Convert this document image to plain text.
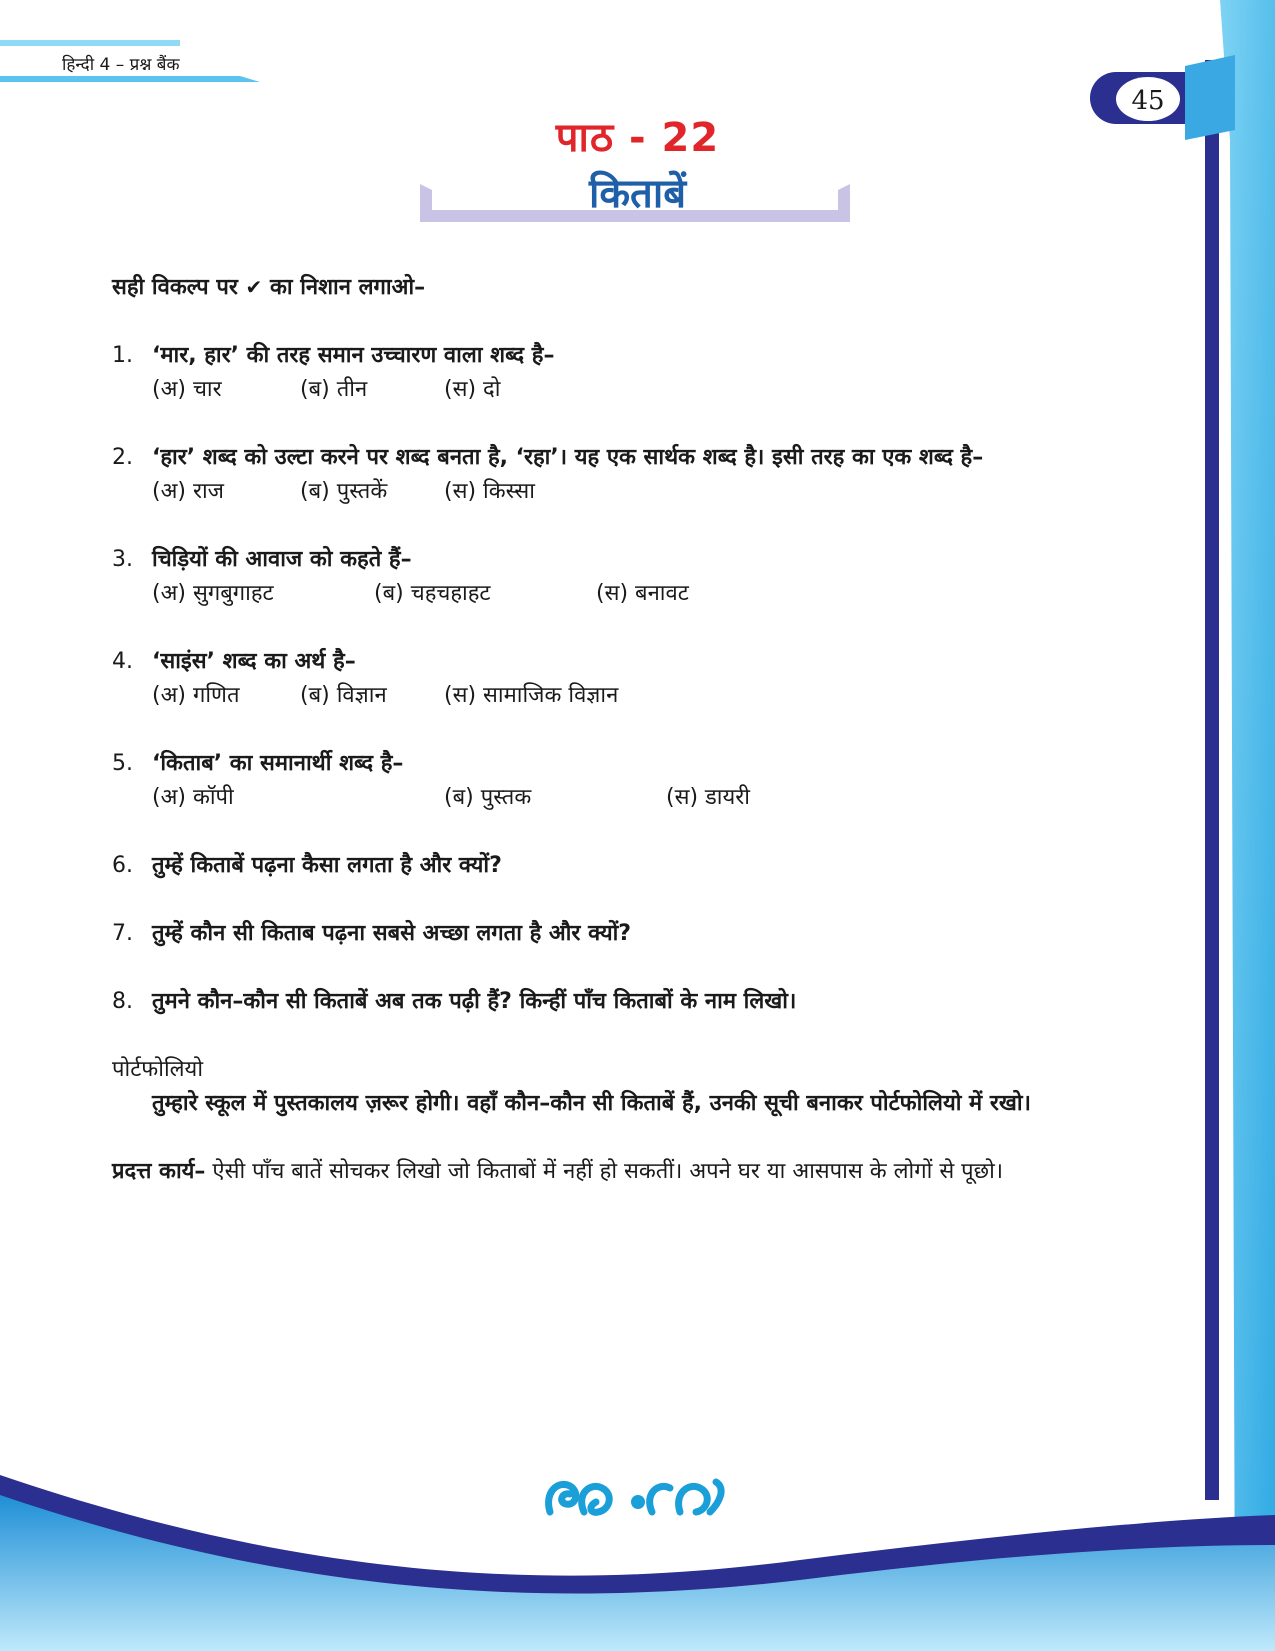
हिन्दी 4 – प्रश्न बैंक
45
पाठ - 22
किताबें
सही विकल्प पर ✔ का निशान लगाओ–
1. ‘मार, हार’ की तरह समान उच्चारण वाला शब्द है–
(अ) चार	(ब) तीन	(स) दो
2. ‘हार’ शब्द को उल्टा करने पर शब्द बनता है, ‘रहा’। यह एक सार्थक शब्द है। इसी तरह का एक शब्द है–
(अ) राज	(ब) पुस्तकें	(स) किस्सा
3. चिड़ियों की आवाज को कहते हैं–
(अ) सुगबुगाहट	(ब) चहचहाहट	(स) बनावट
4. ‘साइंस’ शब्द का अर्थ है–
(अ) गणित	(ब) विज्ञान	(स) सामाजिक विज्ञान
5. ‘किताब’ का समानार्थी शब्द है–
(अ) कॉपी	(ब) पुस्तक	(स) डायरी
6. तुम्हें किताबें पढ़ना कैसा लगता है और क्यों?
7. तुम्हें कौन सी किताब पढ़ना सबसे अच्छा लगता है और क्यों?
8. तुमने कौन–कौन सी किताबें अब तक पढ़ी हैं? किन्हीं पाँच किताबों के नाम लिखो।
पोर्टफोलियो
तुम्हारे स्कूल में पुस्तकालय ज़रूर होगी। वहाँ कौन–कौन सी किताबें हैं, उनकी सूची बनाकर पोर्टफोलियो में रखो।
प्रदत्त कार्य– ऐसी पाँच बातें सोचकर लिखो जो किताबों में नहीं हो सकतीं। अपने घर या आसपास के लोगों से पूछो।
